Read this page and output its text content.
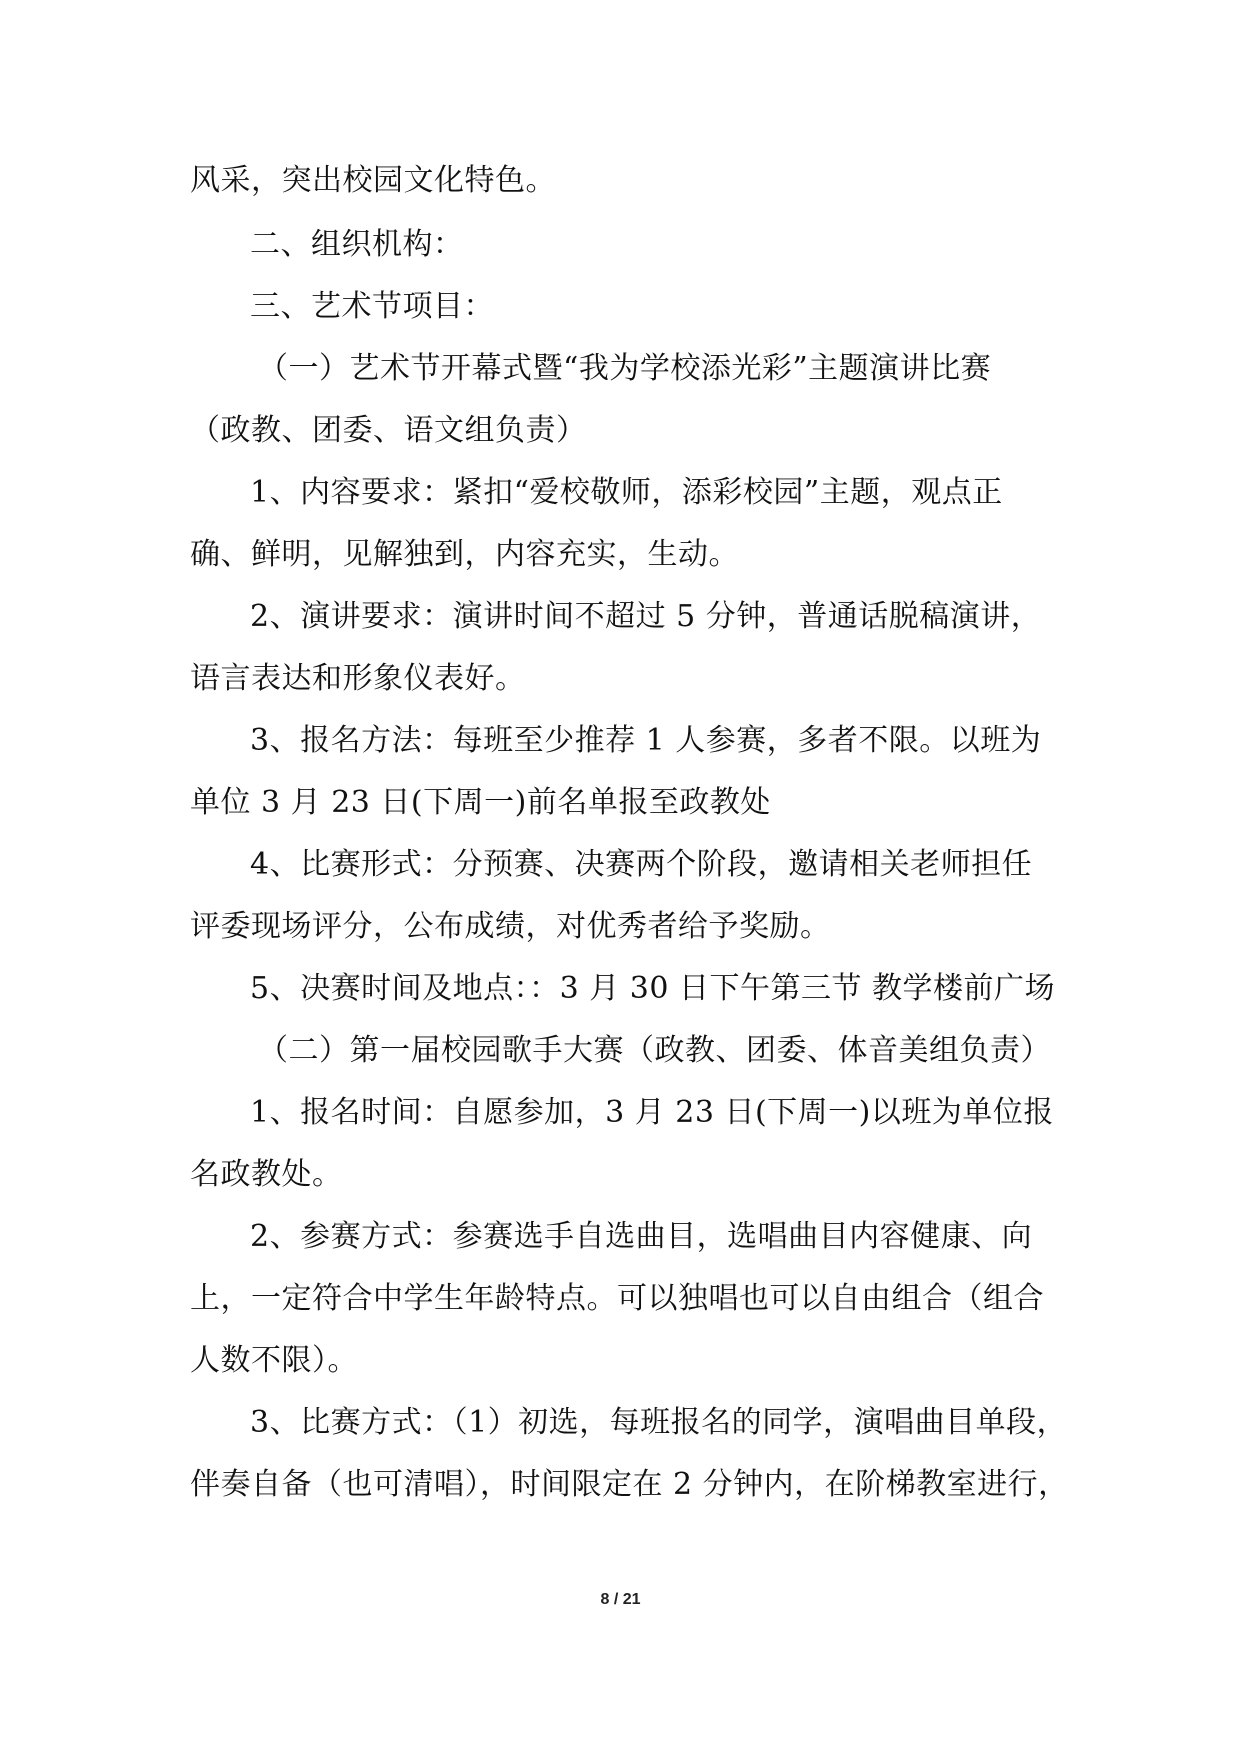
风采，突出校园文化特色。
二、组织机构：
三、艺术节项目：
（一）艺术节开幕式暨“我为学校添光彩”主题演讲比赛
（政教、团委、语文组负责）
1、内容要求：紧扣“爱校敬师，添彩校园”主题，观点正
确、鲜明，见解独到，内容充实，生动。
2、演讲要求：演讲时间不超过 5 分钟，普通话脱稿演讲，
语言表达和形象仪表好。
3、报名方法：每班至少推荐 1 人参赛，多者不限。以班为
单位 3 月 23 日(下周一)前名单报至政教处
4、比赛形式：分预赛、决赛两个阶段，邀请相关老师担任
评委现场评分，公布成绩，对优秀者给予奖励。
5、决赛时间及地点：：3 月 30 日下午第三节 教学楼前广场
（二）第一届校园歌手大赛（政教、团委、体音美组负责）
1、报名时间：自愿参加，3 月 23 日(下周一)以班为单位报
名政教处。
2、参赛方式：参赛选手自选曲目，选唱曲目内容健康、向
上，一定符合中学生年龄特点。可以独唱也可以自由组合（组合
人数不限）。
3、比赛方式：（1）初选，每班报名的同学，演唱曲目单段，
伴奏自备（也可清唱），时间限定在 2 分钟内，在阶梯教室进行，
8 / 21
